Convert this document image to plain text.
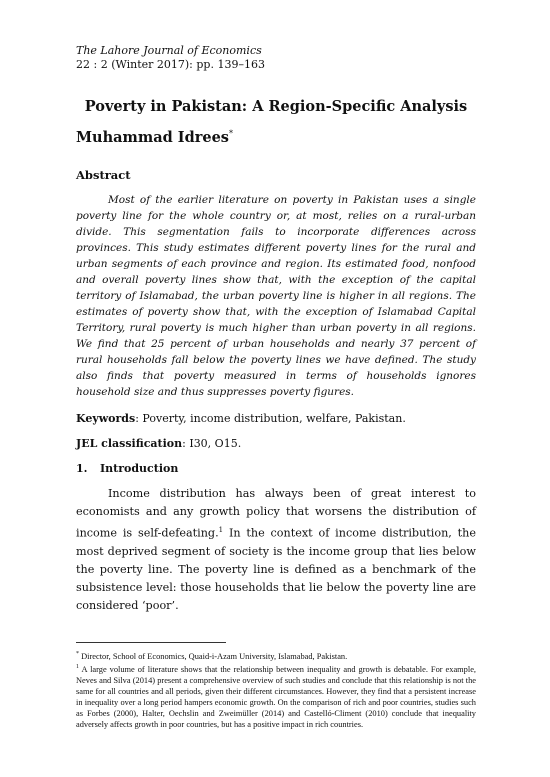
The Lahore Journal of Economics
22 : 2 (Winter 2017): pp. 139–163
Poverty in Pakistan: A Region-Specific Analysis
Muhammad Idrees*
Abstract
Most of the earlier literature on poverty in Pakistan uses a single poverty line for the whole country or, at most, relies on a rural-urban divide. This segmentation fails to incorporate differences across provinces. This study estimates different poverty lines for the rural and urban segments of each province and region. Its estimated food, nonfood and overall poverty lines show that, with the exception of the capital territory of Islamabad, the urban poverty line is higher in all regions. The estimates of poverty show that, with the exception of Islamabad Capital Territory, rural poverty is much higher than urban poverty in all regions. We find that 25 percent of urban households and nearly 37 percent of rural households fall below the poverty lines we have defined. The study also finds that poverty measured in terms of households ignores household size and thus suppresses poverty figures.
Keywords: Poverty, income distribution, welfare, Pakistan.
JEL classification: I30, O15.
1. Introduction
Income distribution has always been of great interest to economists and any growth policy that worsens the distribution of income is self-defeating.$^1$ In the context of income distribution, the most deprived segment of society is the income group that lies below the poverty line. The poverty line is defined as a benchmark of the subsistence level: those households that lie below the poverty line are considered ‘poor’.
* Director, School of Economics, Quaid-i-Azam University, Islamabad, Pakistan.
$^1$ A large volume of literature shows that the relationship between inequality and growth is debatable. For example, Neves and Silva (2014) present a comprehensive overview of such studies and conclude that this relationship is not the same for all countries and all periods, given their different circumstances. However, they find that a persistent increase in inequality over a long period hampers economic growth. On the comparison of rich and poor countries, studies such as Forbes (2000), Halter, Oechslin and Zweimüller (2014) and Castelló-Climent (2010) conclude that inequality adversely affects growth in poor countries, but has a positive impact in rich countries.
